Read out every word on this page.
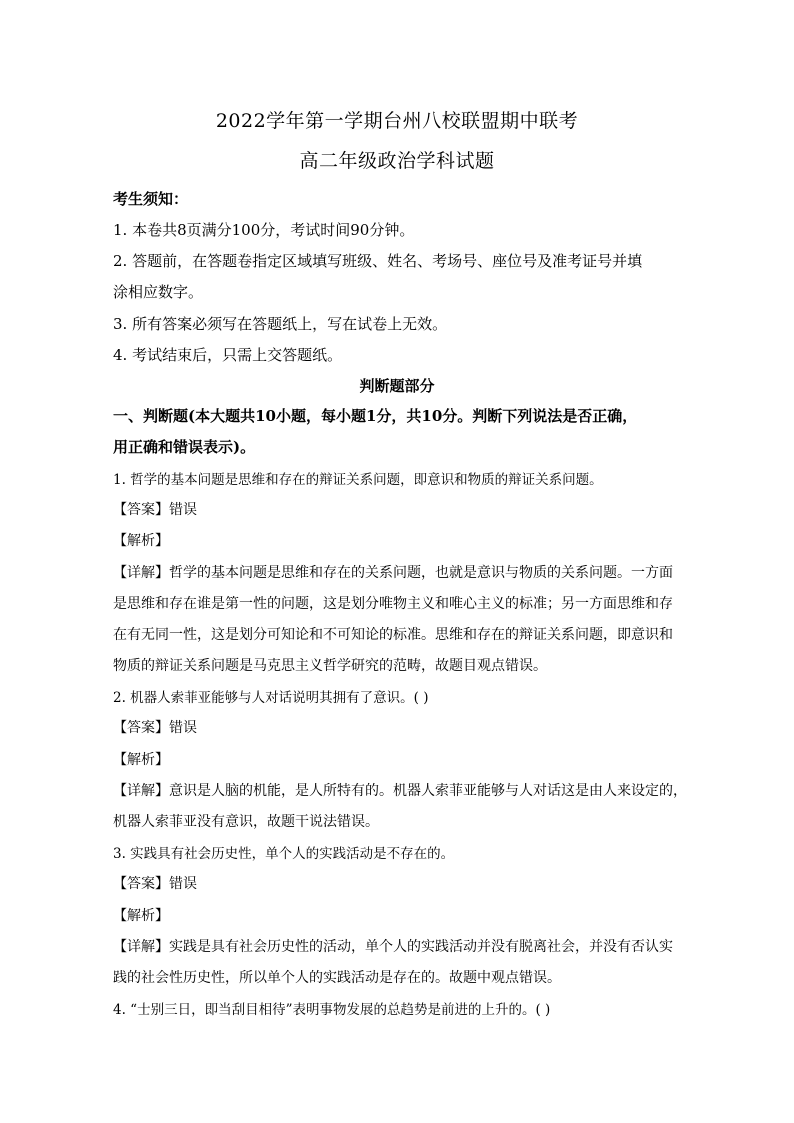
2022学年第一学期台州八校联盟期中联考
高二年级政治学科试题
考生须知：
1. 本卷共8页满分100分，考试时间90分钟。
2. 答题前，在答题卷指定区域填写班级、姓名、考场号、座位号及准考证号并填
涂相应数字。
3. 所有答案必须写在答题纸上，写在试卷上无效。
4. 考试结束后，只需上交答题纸。
判断题部分
一、判断题(本大题共10小题，每小题1分，共10分。判断下列说法是否正确，
用正确和错误表示)。
1. 哲学的基本问题是思维和存在的辩证关系问题，即意识和物质的辩证关系问题。
【答案】错误
【解析】
【详解】哲学的基本问题是思维和存在的关系问题，也就是意识与物质的关系问题。一方面
是思维和存在谁是第一性的问题，这是划分唯物主义和唯心主义的标准；另一方面思维和存
在有无同一性，这是划分可知论和不可知论的标准。思维和存在的辩证关系问题，即意识和
物质的辩证关系问题是马克思主义哲学研究的范畴，故题目观点错误。
2. 机器人索菲亚能够与人对话说明其拥有了意识。( )
【答案】错误
【解析】
【详解】意识是人脑的机能，是人所特有的。机器人索菲亚能够与人对话这是由人来设定的，
机器人索菲亚没有意识，故题干说法错误。
3. 实践具有社会历史性，单个人的实践活动是不存在的。
【答案】错误
【解析】
【详解】实践是具有社会历史性的活动，单个人的实践活动并没有脱离社会，并没有否认实
践的社会性历史性，所以单个人的实践活动是存在的。故题中观点错误。
4. “士别三日，即当刮目相待”表明事物发展的总趋势是前进的上升的。( )
